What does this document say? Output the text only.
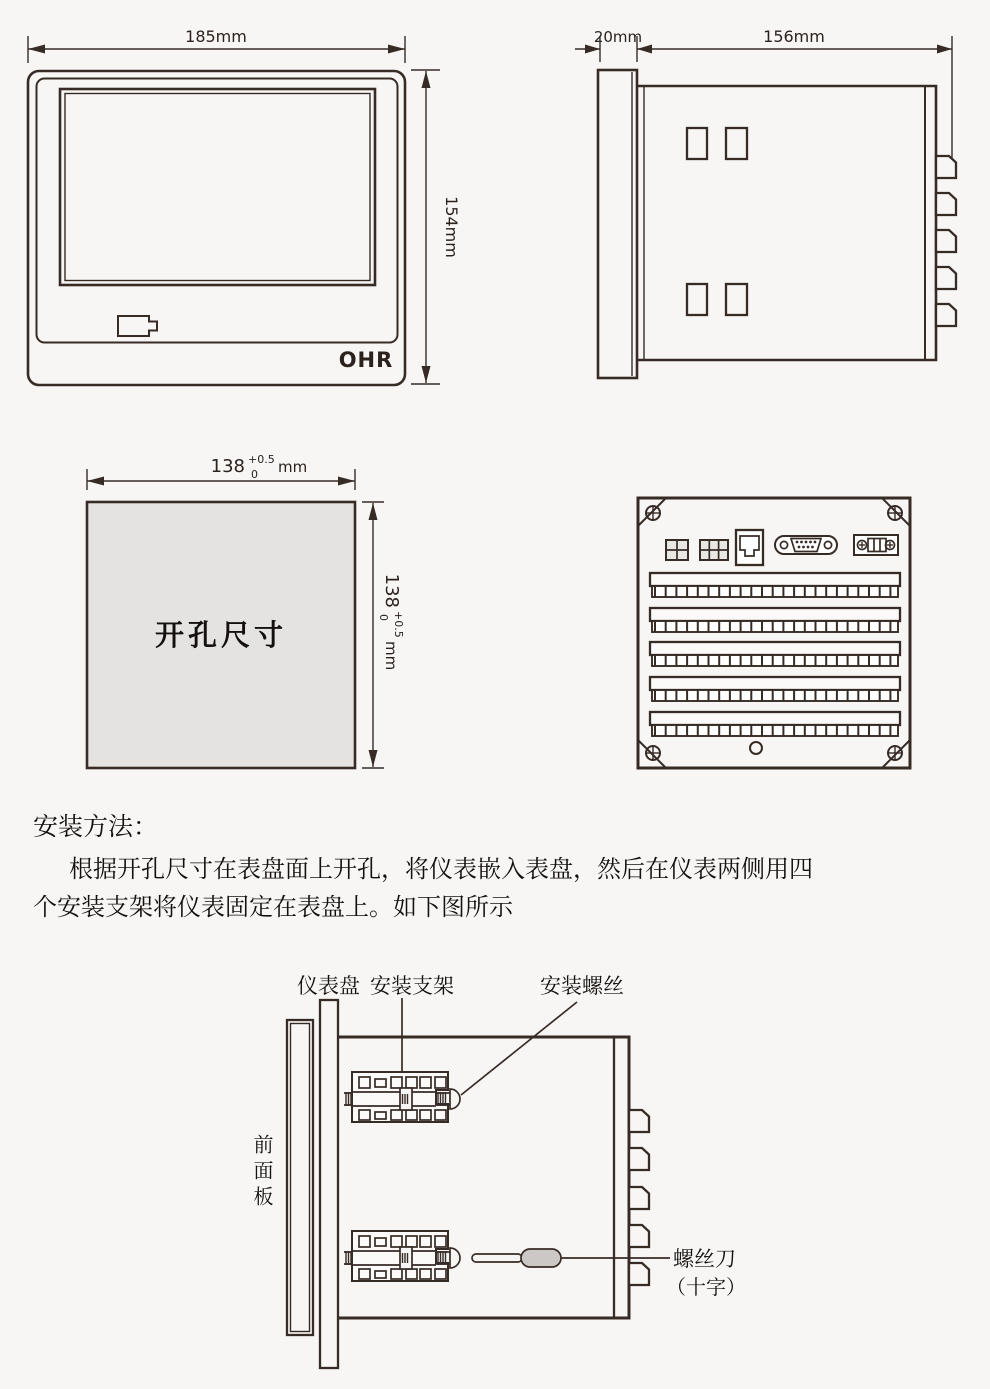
185mm
OHR
154mm
20mm	156mm
138 +0.5
0 mm
开孔尺寸
138
+0.5
0
mm
安装方法：
根据开孔尺寸在表盘面上开孔，将仪表嵌入表盘，然后在仪表两侧用四
个安装支架将仪表固定在表盘上。如下图所示
仪表盘 安装支架	安装螺丝
螺丝刀
（十字）
前面板
